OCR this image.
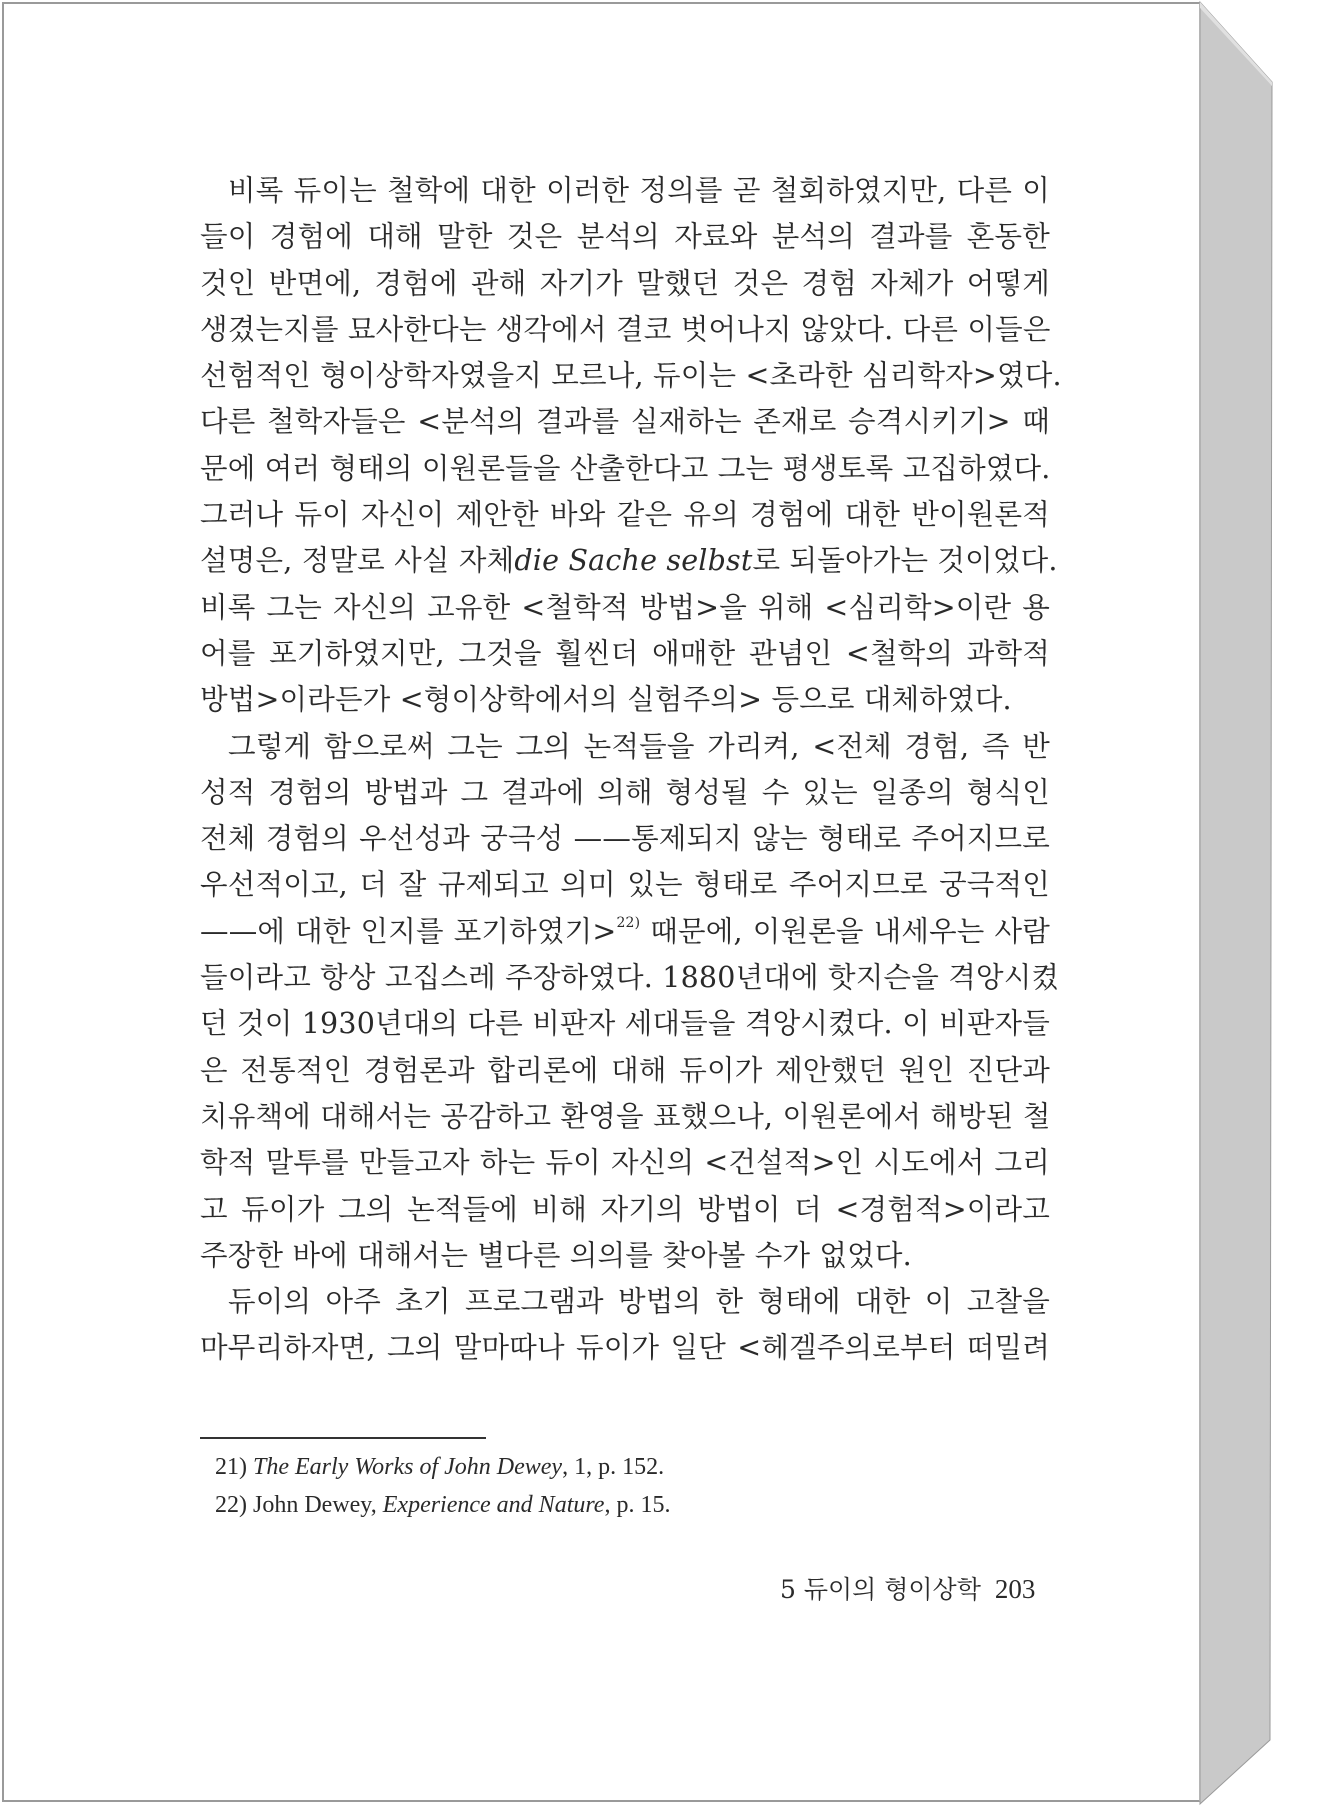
비록 듀이는 철학에 대한 이러한 정의를 곧 철회하였지만, 다른 이
들이 경험에 대해 말한 것은 분석의 자료와 분석의 결과를 혼동한
것인 반면에, 경험에 관해 자기가 말했던 것은 경험 자체가 어떻게
생겼는지를 묘사한다는 생각에서 결코 벗어나지 않았다. 다른 이들은
선험적인 형이상학자였을지 모르나, 듀이는 <초라한 심리학자>였다.
다른 철학자들은 <분석의 결과를 실재하는 존재로 승격시키기> 때
문에 여러 형태의 이원론들을 산출한다고 그는 평생토록 고집하였다.
그러나 듀이 자신이 제안한 바와 같은 유의 경험에 대한 반이원론적
설명은, 정말로 사실 자체die Sache selbst로 되돌아가는 것이었다.
비록 그는 자신의 고유한 <철학적 방법>을 위해 <심리학>이란 용
어를 포기하였지만, 그것을 훨씬더 애매한 관념인 <철학의 과학적
방법>이라든가 <형이상학에서의 실험주의> 등으로 대체하였다.
그렇게 함으로써 그는 그의 논적들을 가리켜, <전체 경험, 즉 반
성적 경험의 방법과 그 결과에 의해 형성될 수 있는 일종의 형식인
전체 경험의 우선성과 궁극성 ——통제되지 않는 형태로 주어지므로
우선적이고, 더 잘 규제되고 의미 있는 형태로 주어지므로 궁극적인
——에 대한 인지를 포기하였기>$^{22)}$ 때문에, 이원론을 내세우는 사람
들이라고 항상 고집스레 주장하였다. 1880년대에 핫지슨을 격앙시켰
던 것이 1930년대의 다른 비판자 세대들을 격앙시켰다. 이 비판자들
은 전통적인 경험론과 합리론에 대해 듀이가 제안했던 원인 진단과
치유책에 대해서는 공감하고 환영을 표했으나, 이원론에서 해방된 철
학적 말투를 만들고자 하는 듀이 자신의 <건설적>인 시도에서 그리
고 듀이가 그의 논적들에 비해 자기의 방법이 더 <경험적>이라고
주장한 바에 대해서는 별다른 의의를 찾아볼 수가 없었다.
듀이의 아주 초기 프로그램과 방법의 한 형태에 대한 이 고찰을
마무리하자면, 그의 말마따나 듀이가 일단 <헤겔주의로부터 떠밀려
21) The Early Works of John Dewey, 1, p. 152.
22) John Dewey, Experience and Nature, p. 15.
5 듀이의 형이상학 203
